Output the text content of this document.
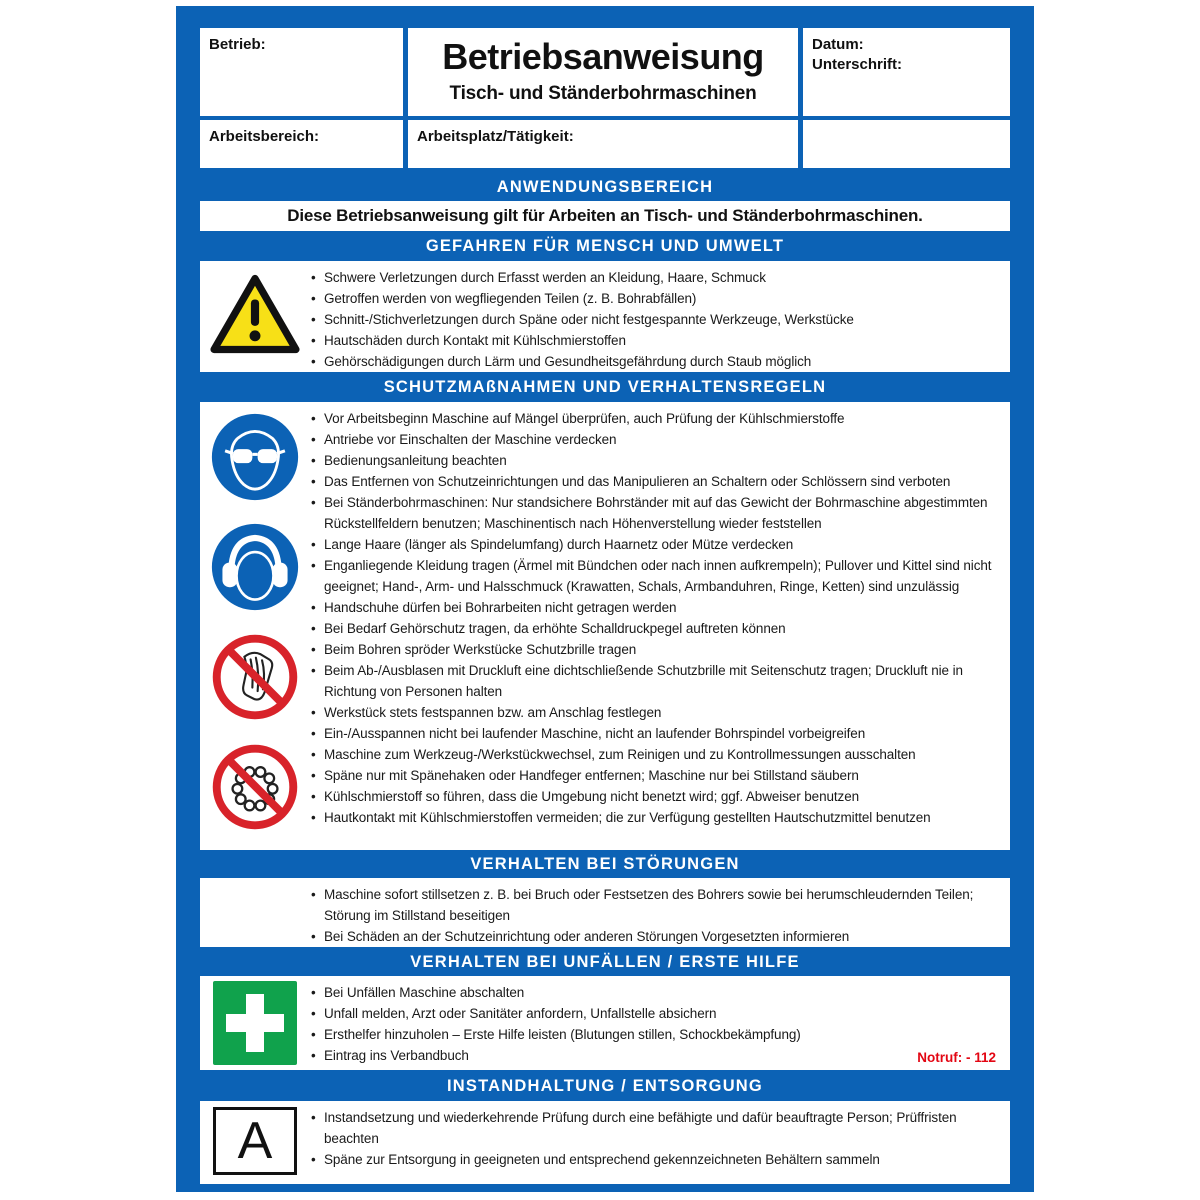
Betrieb:	Betriebsanweisung
Tisch- und Ständerbohrmaschinen
Datum:
Unterschrift:
Arbeitsbereich:	Arbeitsplatz/Tätigkeit:
ANWENDUNGSBEREICH
Diese Betriebsanweisung gilt für Arbeiten an Tisch- und Ständerbohrmaschinen.
GEFAHREN FÜR MENSCH UND UMWELT
• Schwere Verletzungen durch Erfasst werden an Kleidung, Haare, Schmuck
• Getroffen werden von wegfliegenden Teilen (z. B. Bohrabfällen)
• Schnitt-/Stichverletzungen durch Späne oder nicht festgespannte Werkzeuge, Werkstücke
• Hautschäden durch Kontakt mit Kühlschmierstoffen
• Gehörschädigungen durch Lärm und Gesundheitsgefährdung durch Staub möglich
SCHUTZMAßNAHMEN UND VERHALTENSREGELN
• Vor Arbeitsbeginn Maschine auf Mängel überprüfen, auch Prüfung der Kühlschmierstoffe
• Antriebe vor Einschalten der Maschine verdecken
• Bedienungsanleitung beachten
• Das Entfernen von Schutzeinrichtungen und das Manipulieren an Schaltern oder Schlössern sind verboten
• Bei Ständerbohrmaschinen: Nur standsichere Bohrständer mit auf das Gewicht der Bohrmaschine abgestimmten Rückstellfeldern benutzen; Maschinentisch nach Höhenverstellung wieder feststellen
• Lange Haare (länger als Spindelumfang) durch Haarnetz oder Mütze verdecken
• Enganliegende Kleidung tragen (Ärmel mit Bündchen oder nach innen aufkrempeln); Pullover und Kittel sind nicht geeignet; Hand-, Arm- und Halsschmuck (Krawatten, Schals, Armbanduhren, Ringe, Ketten) sind unzulässig
• Handschuhe dürfen bei Bohrarbeiten nicht getragen werden
• Bei Bedarf Gehörschutz tragen, da erhöhte Schalldruckpegel auftreten können
• Beim Bohren spröder Werkstücke Schutzbrille tragen
• Beim Ab-/Ausblasen mit Druckluft eine dichtschließende Schutzbrille mit Seitenschutz tragen; Druckluft nie in Richtung von Personen halten
• Werkstück stets festspannen bzw. am Anschlag festlegen
• Ein-/Ausspannen nicht bei laufender Maschine, nicht an laufender Bohrspindel vorbeigreifen
• Maschine zum Werkzeug-/Werkstückwechsel, zum Reinigen und zu Kontrollmessungen ausschalten
• Späne nur mit Spänehaken oder Handfeger entfernen; Maschine nur bei Stillstand säubern
• Kühlschmierstoff so führen, dass die Umgebung nicht benetzt wird; ggf. Abweiser benutzen
• Hautkontakt mit Kühlschmierstoffen vermeiden; die zur Verfügung gestellten Hautschutzmittel benutzen
VERHALTEN BEI STÖRUNGEN
• Maschine sofort stillsetzen z. B. bei Bruch oder Festsetzen des Bohrers sowie bei herumschleudernden Teilen; Störung im Stillstand beseitigen
• Bei Schäden an der Schutzeinrichtung oder anderen Störungen Vorgesetzten informieren
VERHALTEN BEI UNFÄLLEN / ERSTE HILFE
• Bei Unfällen Maschine abschalten
• Unfall melden, Arzt oder Sanitäter anfordern, Unfallstelle absichern
• Ersthelfer hinzuholen – Erste Hilfe leisten (Blutungen stillen, Schockbekämpfung)
• Eintrag ins Verbandbuch	Notruf: - 112
INSTANDHALTUNG / ENTSORGUNG
A	• Instandsetzung und wiederkehrende Prüfung durch eine befähigte und dafür beauftragte Person; Prüffristen beachten
• Späne zur Entsorgung in geeigneten und entsprechend gekennzeichneten Behältern sammeln
